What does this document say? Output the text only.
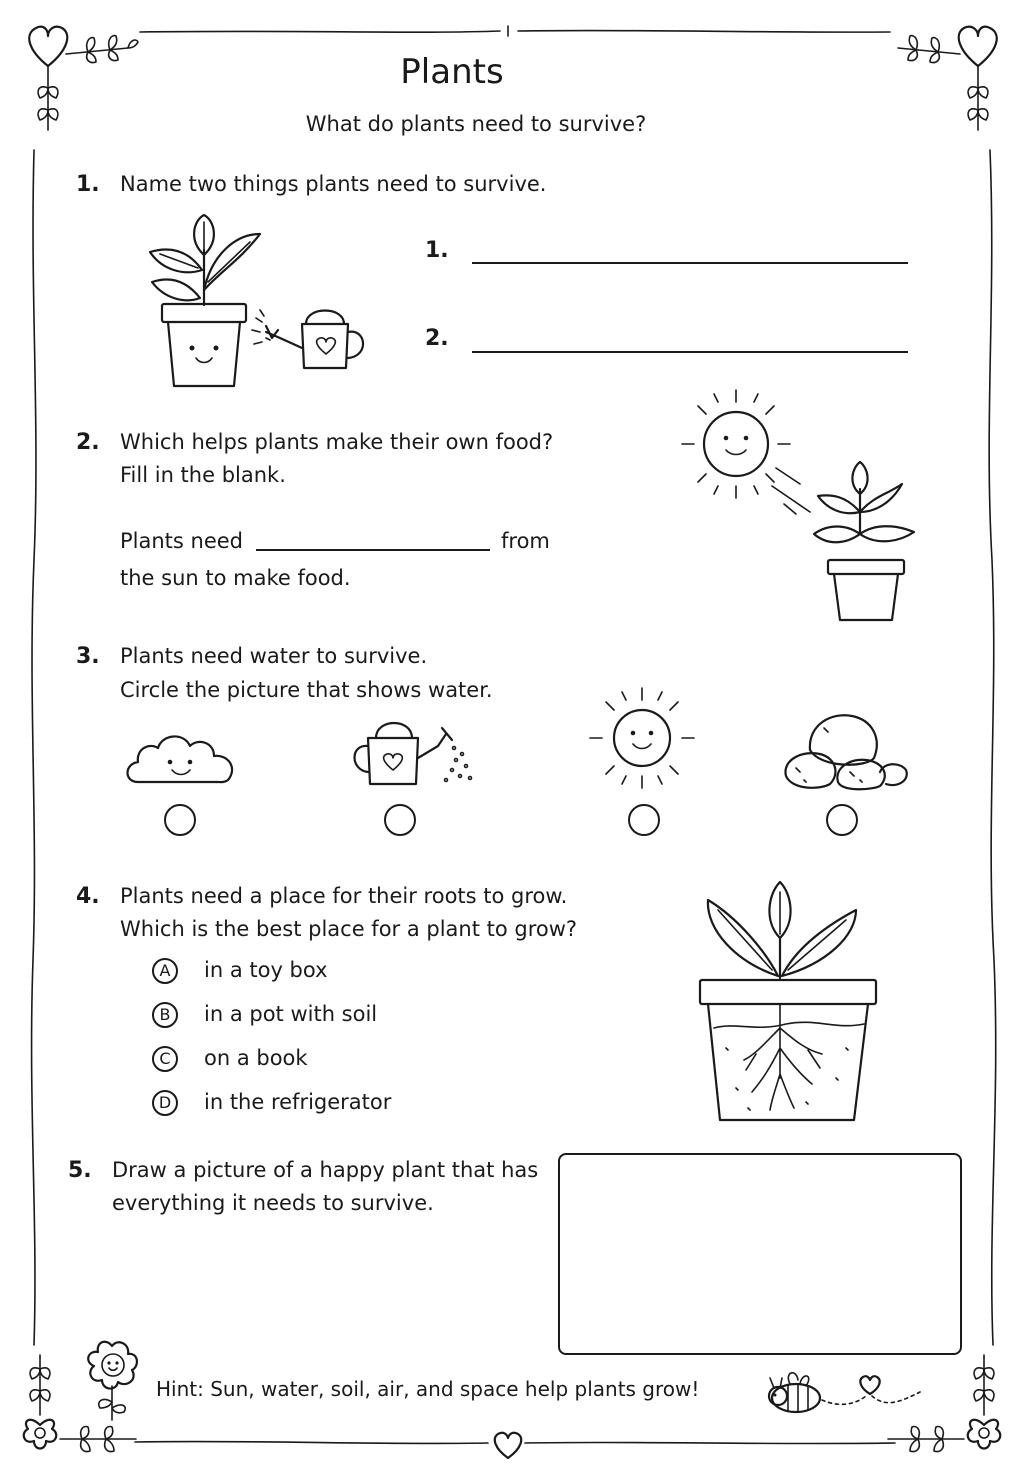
Plants
What do plants need to survive?
1. Name two things plants need to survive.
1.
2.
2. Which helps plants make their own food?
Fill in the blank.
Plants need	from
the sun to make food.
3. Plants need water to survive.
Circle the picture that shows water.
4. Plants need a place for their roots to grow.
Which is the best place for a plant to grow?
A	in a toy box
B	in a pot with soil
C	on a book
D	in the refrigerator
5. Draw a picture of a happy plant that has
everything it needs to survive.
Hint: Sun, water, soil, air, and space help plants grow!
